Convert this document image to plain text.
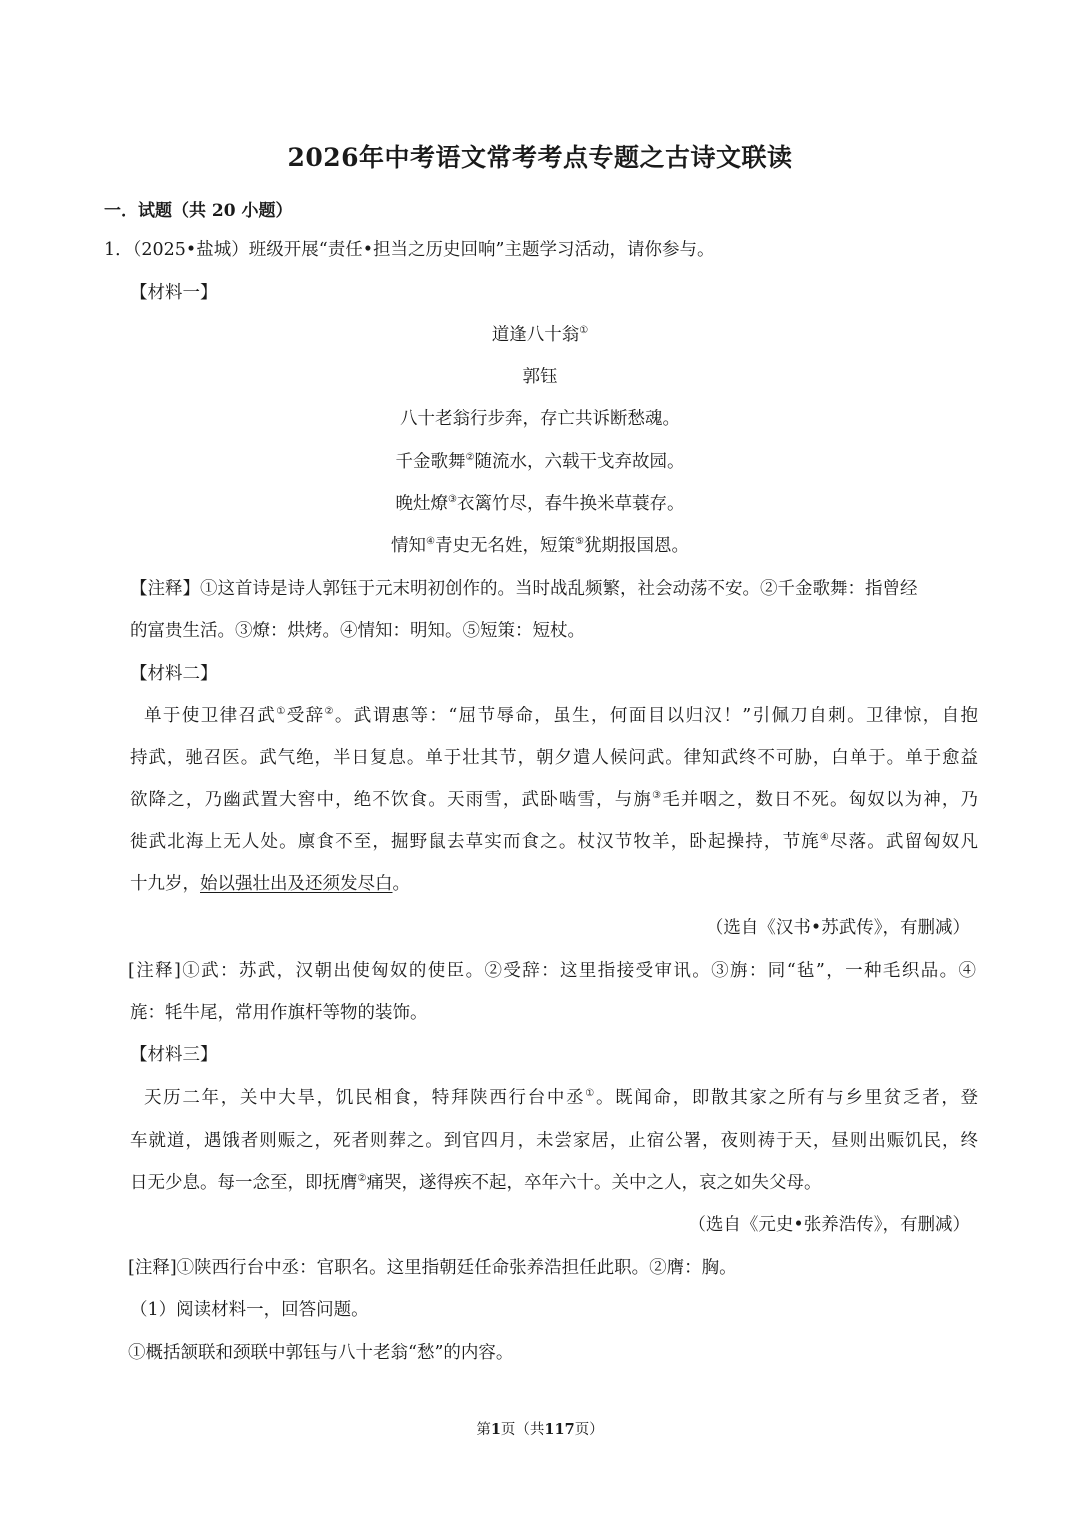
2026年中考语文常考考点专题之古诗文联读
一．试题（共 20 小题）
1．（2025•盐城）班级开展“责任•担当之历史回响”主题学习活动，请你参与。
【材料一】
道逢八十翁①
郭钰
八十老翁行步奔，存亡共诉断愁魂。
千金歌舞②随流水，六载干戈弃故园。
晚灶燎③衣篱竹尽，春牛换米草蓑存。
情知④青史无名姓，短策⑤犹期报国恩。
【注释】①这首诗是诗人郭钰于元末明初创作的。当时战乱频繁，社会动荡不安。②千金歌舞：指曾经
的富贵生活。③燎：烘烤。④情知：明知。⑤短策：短杖。
【材料二】
单于使卫律召武①受辞②。武谓惠等：“屈节辱命，虽生，何面目以归汉！”引佩刀自刺。卫律惊，自抱
持武，驰召医。武气绝，半日复息。单于壮其节，朝夕遣人候问武。律知武终不可胁，白单于。单于愈益
欲降之，乃幽武置大窖中，绝不饮食。天雨雪，武卧啮雪，与旃③毛并咽之，数日不死。匈奴以为神，乃
徙武北海上无人处。廪食不至，掘野鼠去草实而食之。杖汉节牧羊，卧起操持，节旄④尽落。武留匈奴凡
十九岁，始以强壮出及还须发尽白。
（选自《汉书•苏武传》，有删减）
[注释]①武：苏武，汉朝出使匈奴的使臣。②受辞：这里指接受审讯。③旃：同“毡”，一种毛织品。④
旄：牦牛尾，常用作旗杆等物的装饰。
【材料三】
天历二年，关中大旱，饥民相食，特拜陕西行台中丞①。既闻命，即散其家之所有与乡里贫乏者，登
车就道，遇饿者则赈之，死者则葬之。到官四月，未尝家居，止宿公署，夜则祷于天，昼则出赈饥民，终
日无少息。每一念至，即抚膺②痛哭，遂得疾不起，卒年六十。关中之人，哀之如失父母。
（选自《元史•张养浩传》，有删减）
[注释]①陕西行台中丞：官职名。这里指朝廷任命张养浩担任此职。②膺：胸。
（1）阅读材料一，回答问题。
①概括颔联和颈联中郭钰与八十老翁“愁”的内容。
第1页（共117页）
